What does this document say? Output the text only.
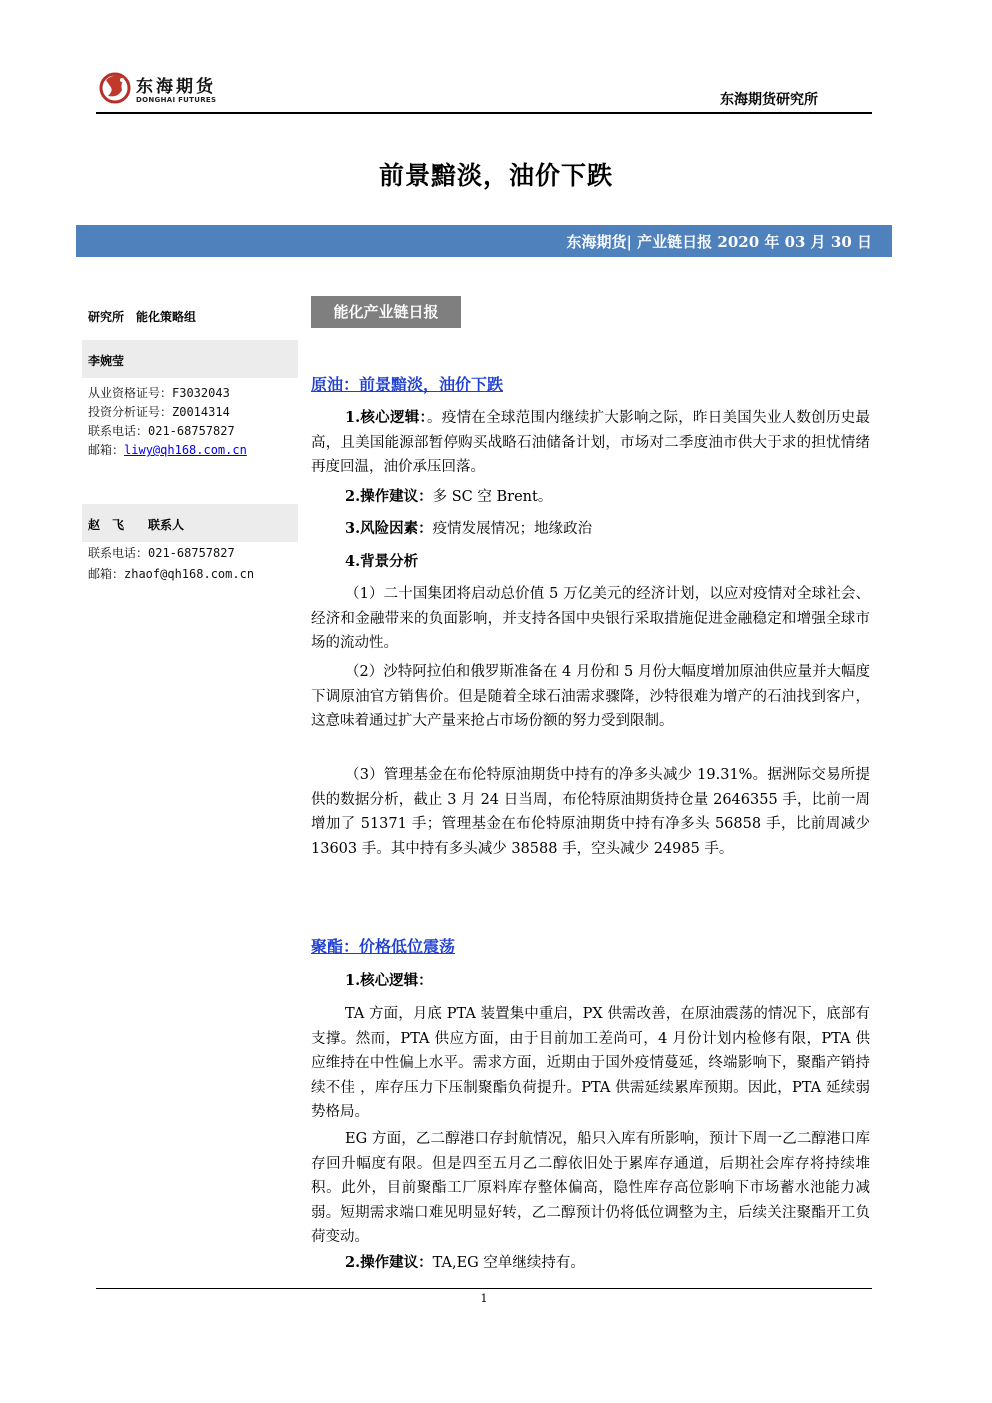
东海期货
DONGHAI FUTURES	东海期货研究所
前景黯淡，油价下跌
东海期货| 产业链日报 2020 年 03 月 30 日
研究所　能化策略组
李婉莹
从业资格证号：F3032043
投资分析证号：Z0014314
联系电话：021-68757827
邮箱：liwy@qh168.com.cn
赵　飞　　联系人
联系电话：021-68757827
邮箱：zhaof@qh168.com.cn
能化产业链日报
原油：前景黯淡，油价下跌
1.核心逻辑：。疫情在全球范围内继续扩大影响之际，昨日美国失业人数创历史最高，且美国能源部暂停购买战略石油储备计划，市场对二季度油市供大于求的担忧情绪再度回温，油价承压回落。
2.操作建议：多 SC 空 Brent。
3.风险因素：疫情发展情况；地缘政治
4.背景分析
（1）二十国集团将启动总价值 5 万亿美元的经济计划，以应对疫情对全球社会、经济和金融带来的负面影响，并支持各国中央银行采取措施促进金融稳定和增强全球市场的流动性。
（2）沙特阿拉伯和俄罗斯准备在 4 月份和 5 月份大幅度增加原油供应量并大幅度下调原油官方销售价。但是随着全球石油需求骤降，沙特很难为增产的石油找到客户，这意味着通过扩大产量来抢占市场份额的努力受到限制。
（3）管理基金在布伦特原油期货中持有的净多头减少 19.31%。据洲际交易所提供的数据分析，截止 3 月 24 日当周，布伦特原油期货持仓量 2646355 手，比前一周增加了 51371 手；管理基金在布伦特原油期货中持有净多头 56858 手，比前周减少 13603 手。其中持有多头减少 38588 手，空头减少 24985 手。
聚酯：价格低位震荡
1.核心逻辑：
TA 方面，月底 PTA 装置集中重启，PX 供需改善，在原油震荡的情况下，底部有支撑。然而，PTA 供应方面，由于目前加工差尚可，4 月份计划内检修有限，PTA 供应维持在中性偏上水平。需求方面，近期由于国外疫情蔓延，终端影响下，聚酯产销持续不佳 ，库存压力下压制聚酯负荷提升。PTA 供需延续累库预期。因此，PTA 延续弱势格局。
EG 方面，乙二醇港口存封航情况，船只入库有所影响，预计下周一乙二醇港口库存回升幅度有限。但是四至五月乙二醇依旧处于累库存通道，后期社会库存将持续堆积。此外，目前聚酯工厂原料库存整体偏高，隐性库存高位影响下市场蓄水池能力减弱。短期需求端口难见明显好转，乙二醇预计仍将低位调整为主，后续关注聚酯开工负荷变动。
2.操作建议：TA,EG 空单继续持有。
1
